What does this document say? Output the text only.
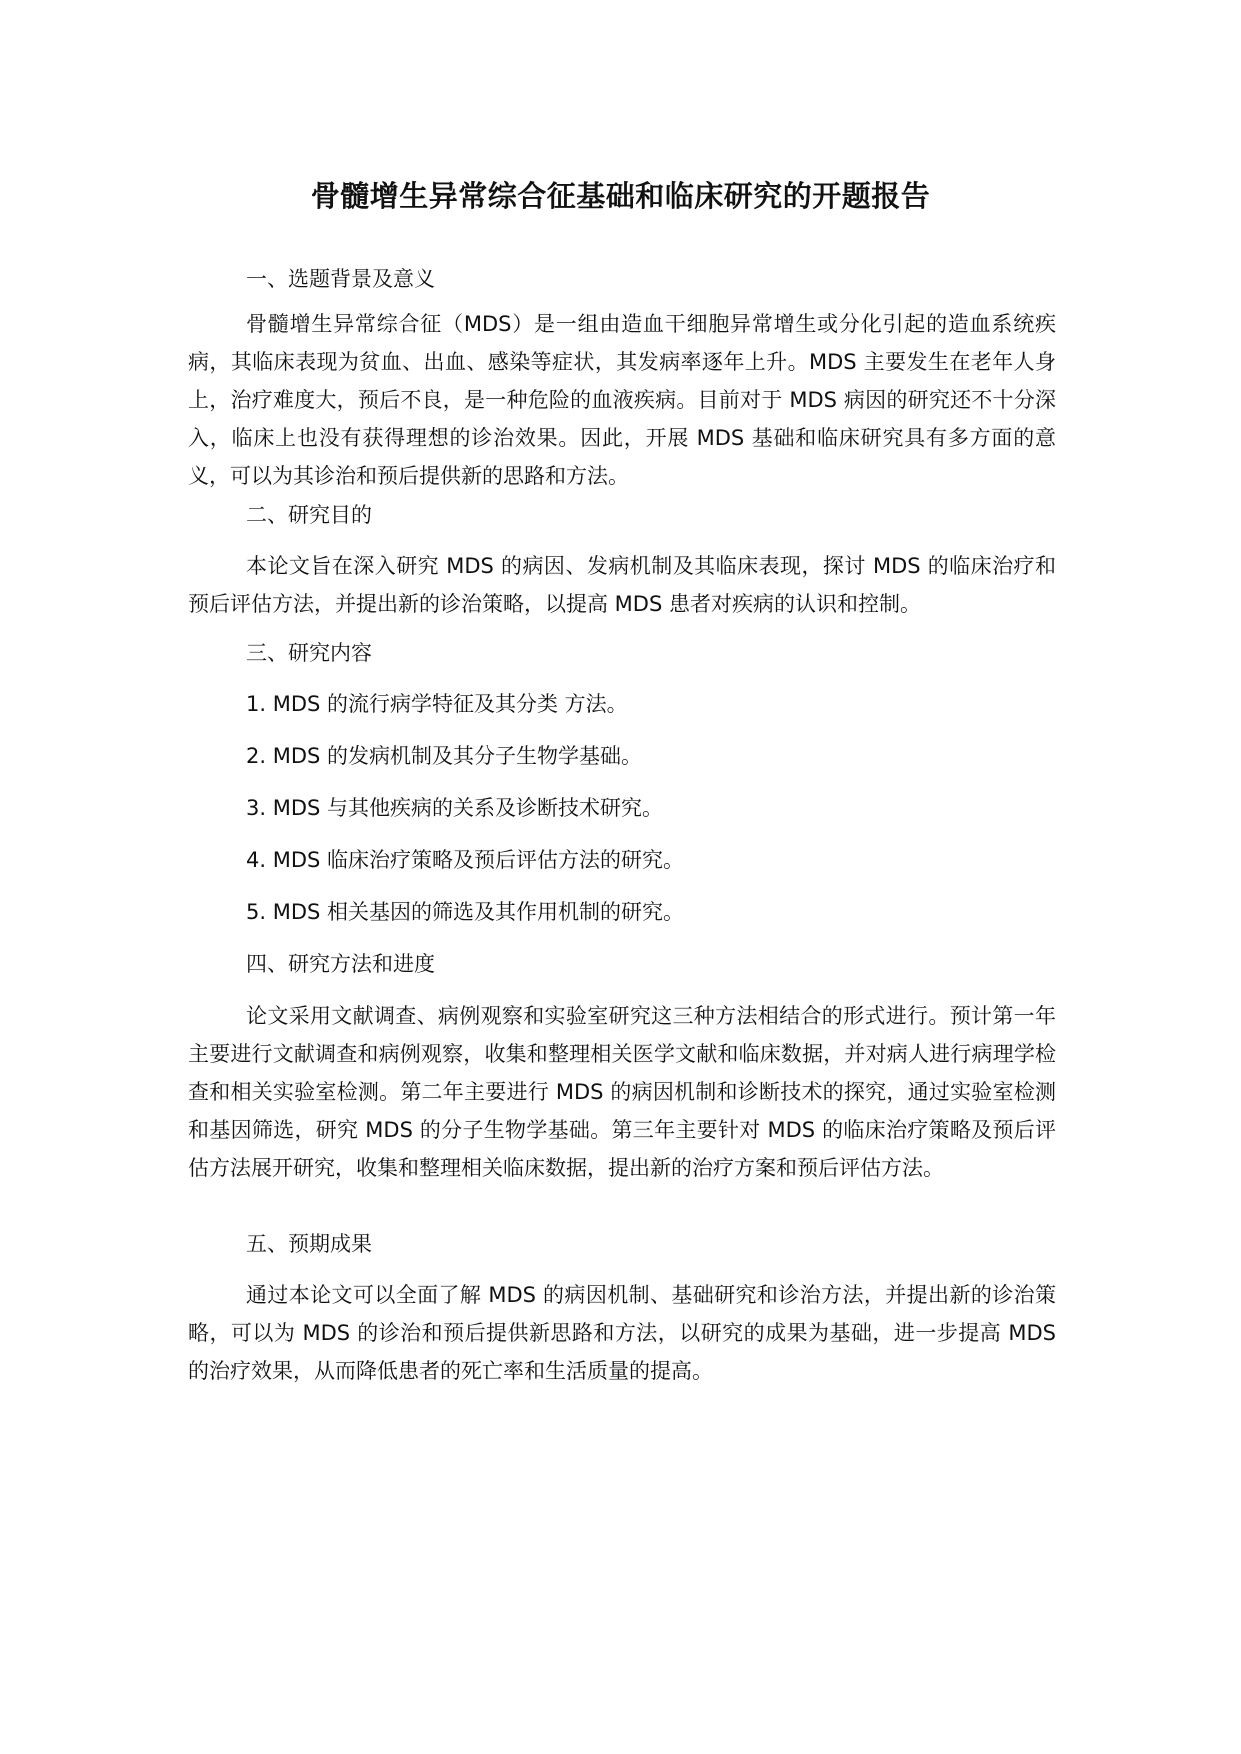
骨髓增生异常综合征基础和临床研究的开题报告

一、选题背景及意义

骨髓增生异常综合征（MDS）是一组由造血干细胞异常增生或分化引起的造血系统疾病，其临床表现为贫血、出血、感染等症状，其发病率逐年上升。MDS 主要发生在老年人身上，治疗难度大，预后不良，是一种危险的血液疾病。目前对于 MDS 病因的研究还不十分深入，临床上也没有获得理想的诊治效果。因此，开展 MDS 基础和临床研究具有多方面的意义，可以为其诊治和预后提供新的思路和方法。

二、研究目的

本论文旨在深入研究 MDS 的病因、发病机制及其临床表现，探讨 MDS 的临床治疗和预后评估方法，并提出新的诊治策略，以提高 MDS 患者对疾病的认识和控制。

三、研究内容

1. MDS 的流行病学特征及其分类 方法。

2. MDS 的发病机制及其分子生物学基础。

3. MDS 与其他疾病的关系及诊断技术研究。

4. MDS 临床治疗策略及预后评估方法的研究。

5. MDS 相关基因的筛选及其作用机制的研究。

四、研究方法和进度

论文采用文献调查、病例观察和实验室研究这三种方法相结合的形式进行。预计第一年主要进行文献调查和病例观察，收集和整理相关医学文献和临床数据，并对病人进行病理学检查和相关实验室检测。第二年主要进行 MDS 的病因机制和诊断技术的探究，通过实验室检测和基因筛选，研究 MDS 的分子生物学基础。第三年主要针对 MDS 的临床治疗策略及预后评估方法展开研究，收集和整理相关临床数据，提出新的治疗方案和预后评估方法。

五、预期成果

通过本论文可以全面了解 MDS 的病因机制、基础研究和诊治方法，并提出新的诊治策略，可以为 MDS 的诊治和预后提供新思路和方法，以研究的成果为基础，进一步提高 MDS 的治疗效果，从而降低患者的死亡率和生活质量的提高。
